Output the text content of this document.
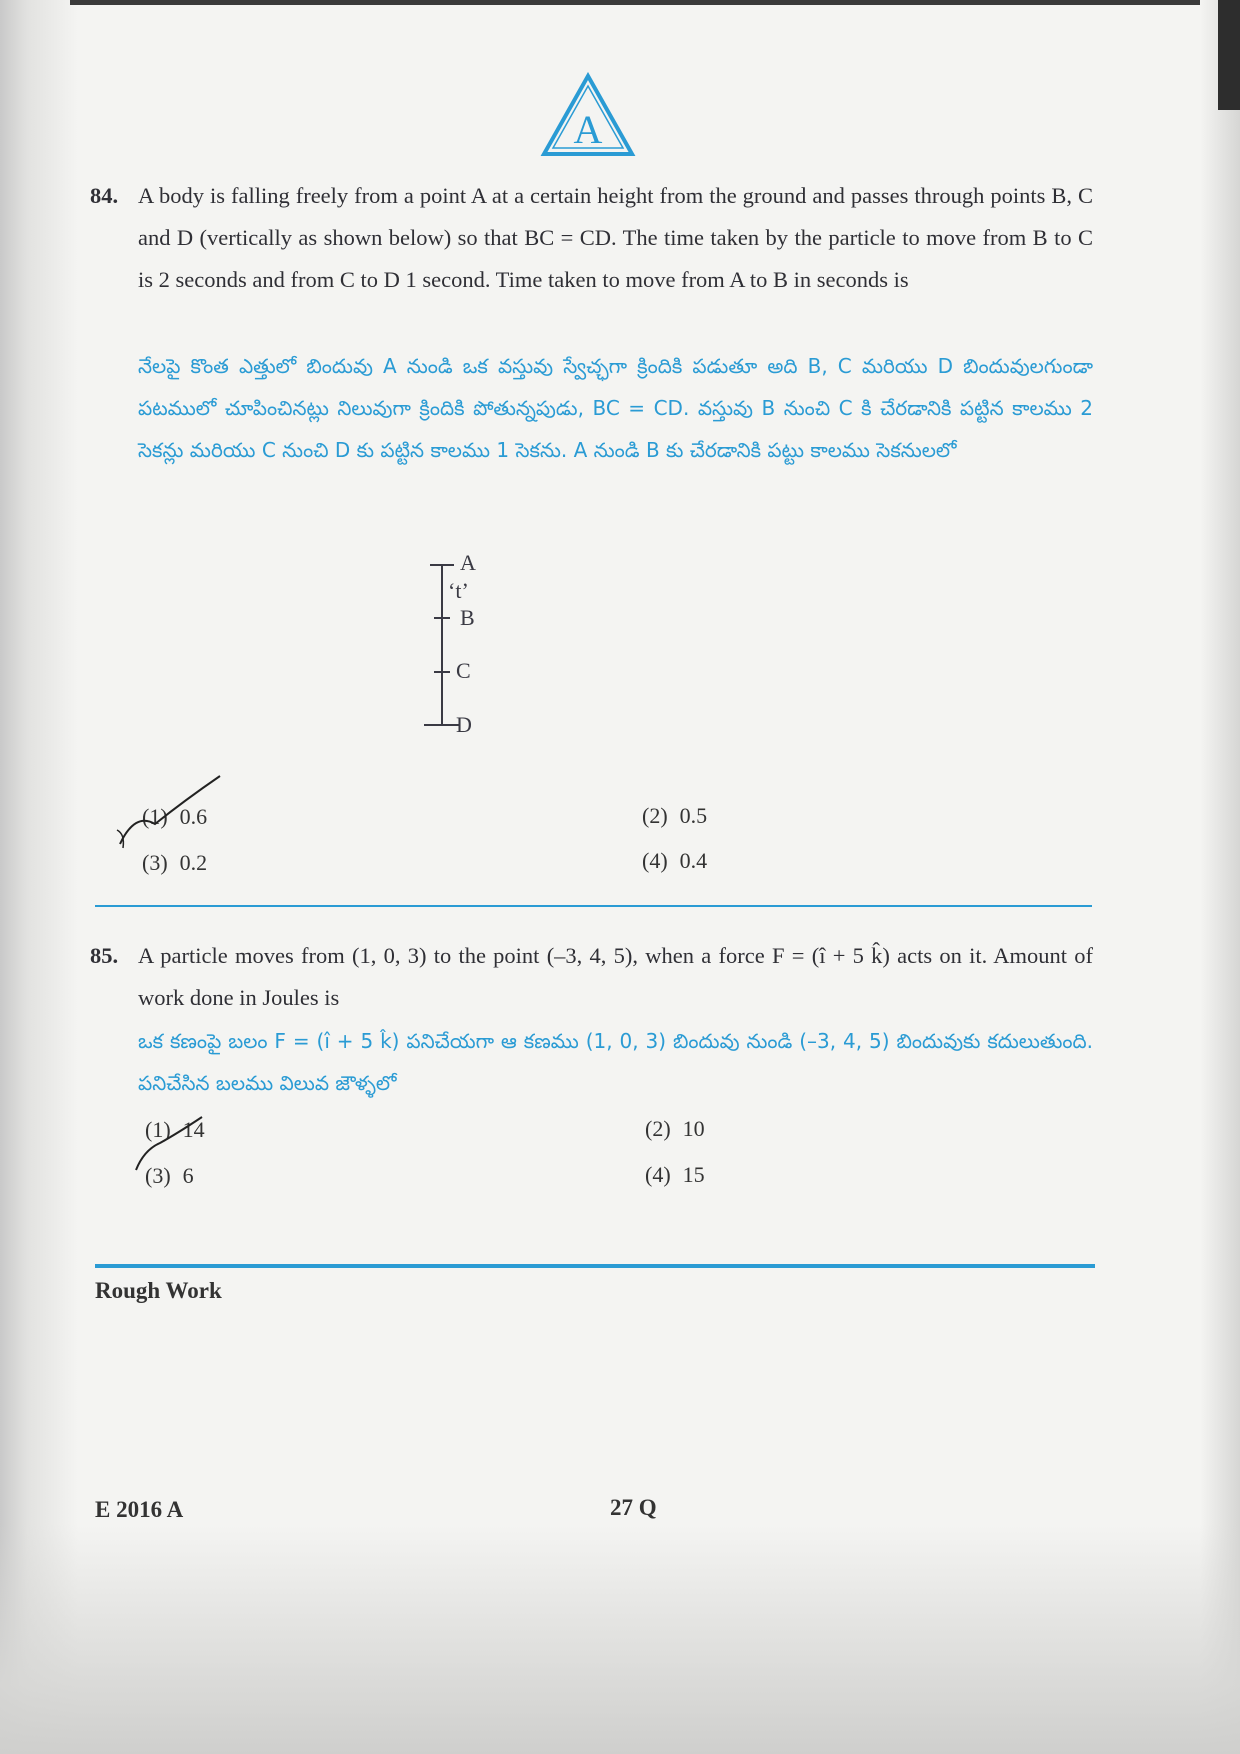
A
84. A body is falling freely from a point A at a certain height from the ground and passes through points B, C and D (vertically as shown below) so that BC = CD. The time taken by the particle to move from B to C is 2 seconds and from C to D 1 second. Time taken to move from A to B in seconds is
నేలపై కొంత ఎత్తులో బిందువు A నుండి ఒక వస్తువు స్వేచ్ఛగా క్రిందికి పడుతూ అది B, C మరియు D బిందువులగుండా పటములో చూపించినట్లు నిలువుగా క్రిందికి పోతున్నపుడు, BC = CD. వస్తువు B నుంచి C కి చేరడానికి పట్టిన కాలము 2 సెకన్లు మరియు C నుంచి D కు పట్టిన కాలము 1 సెకను. A నుండి B కు చేరడానికి పట్టు కాలము సెకనులలో
A
‘t’
B
C
D
(1) 0.6	(2) 0.5
(3) 0.2	(4) 0.4
85. A particle moves from (1, 0, 3) to the point (–3, 4, 5), when a force F = (î + 5 k̂) acts on it. Amount of work done in Joules is
ఒక కణంపై బలం F = (î + 5 k̂) పనిచేయగా ఆ కణము (1, 0, 3) బిందువు నుండి (–3, 4, 5) బిందువుకు కదులుతుంది. పనిచేసిన బలము విలువ జౌళ్ళలో
(1) 14	(2) 10
(3) 6	(4) 15
Rough Work
E 2016 A	27 Q
